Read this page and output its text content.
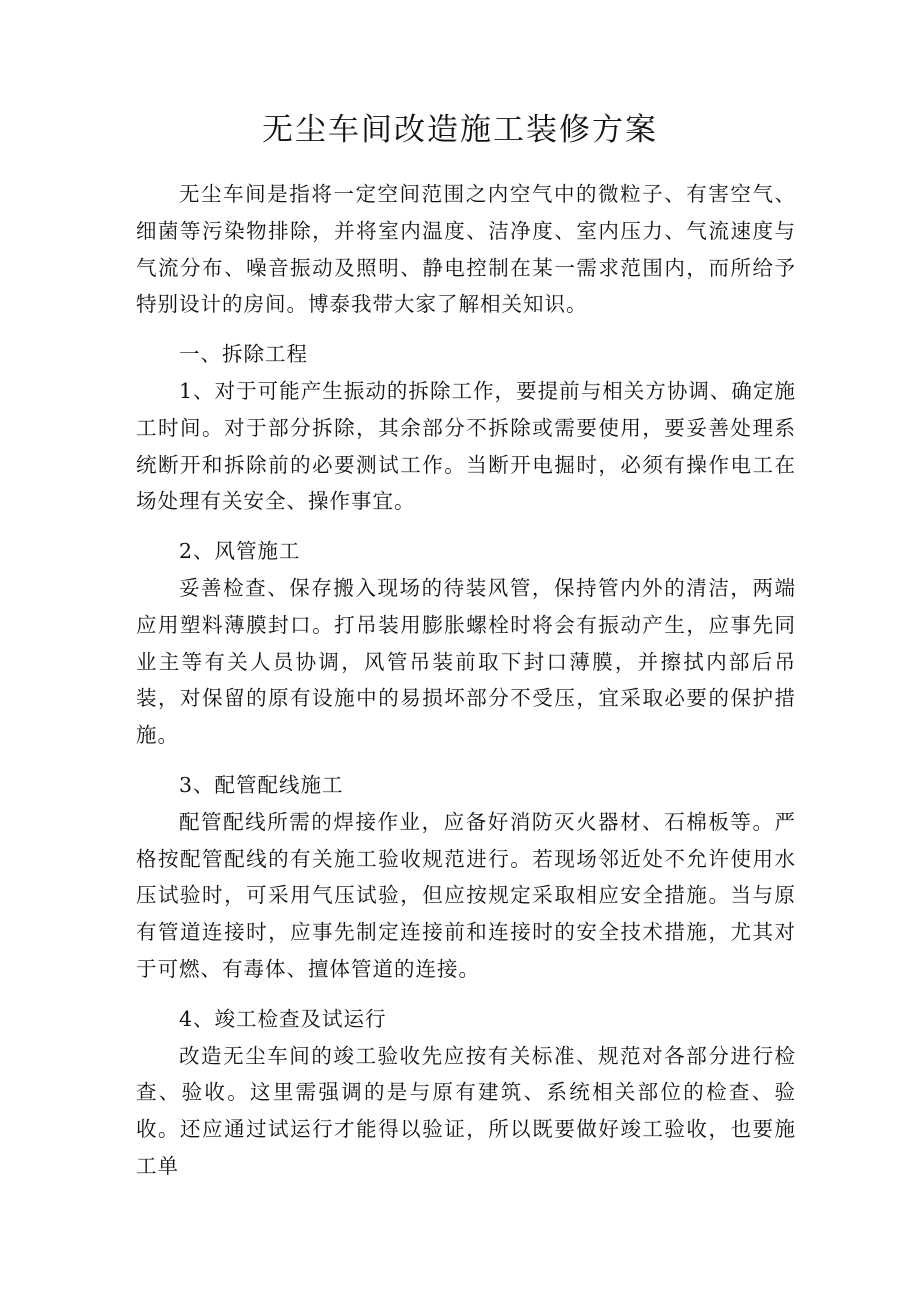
无尘车间改造施工装修方案

无尘车间是指将一定空间范围之内空气中的微粒子、有害空气、细菌等污染物排除，并将室内温度、洁净度、室内压力、气流速度与气流分布、噪音振动及照明、静电控制在某一需求范围内，而所给予特别设计的房间。博泰我带大家了解相关知识。

一、拆除工程

1、对于可能产生振动的拆除工作，要提前与相关方协调、确定施工时间。对于部分拆除，其余部分不拆除或需要使用，要妥善处理系统断开和拆除前的必要测试工作。当断开电掘时，必须有操作电工在场处理有关安全、操作事宜。

2、风管施工

妥善检查、保存搬入现场的待装风管，保持管内外的清洁，两端应用塑料薄膜封口。打吊装用膨胀螺栓时将会有振动产生，应事先同业主等有关人员协调，风管吊装前取下封口薄膜，并擦拭内部后吊装，对保留的原有设施中的易损坏部分不受压，宜采取必要的保护措施。

3、配管配线施工

配管配线所需的焊接作业，应备好消防灭火器材、石棉板等。严格按配管配线的有关施工验收规范进行。若现场邻近处不允许使用水压试验时，可采用气压试验，但应按规定采取相应安全措施。当与原有管道连接时，应事先制定连接前和连接时的安全技术措施，尤其对于可燃、有毒体、擅体管道的连接。

4、竣工检查及试运行

改造无尘车间的竣工验收先应按有关标准、规范对各部分进行检查、验收。这里需强调的是与原有建筑、系统相关部位的检查、验收。还应通过试运行才能得以验证，所以既要做好竣工验收，也要施工单
